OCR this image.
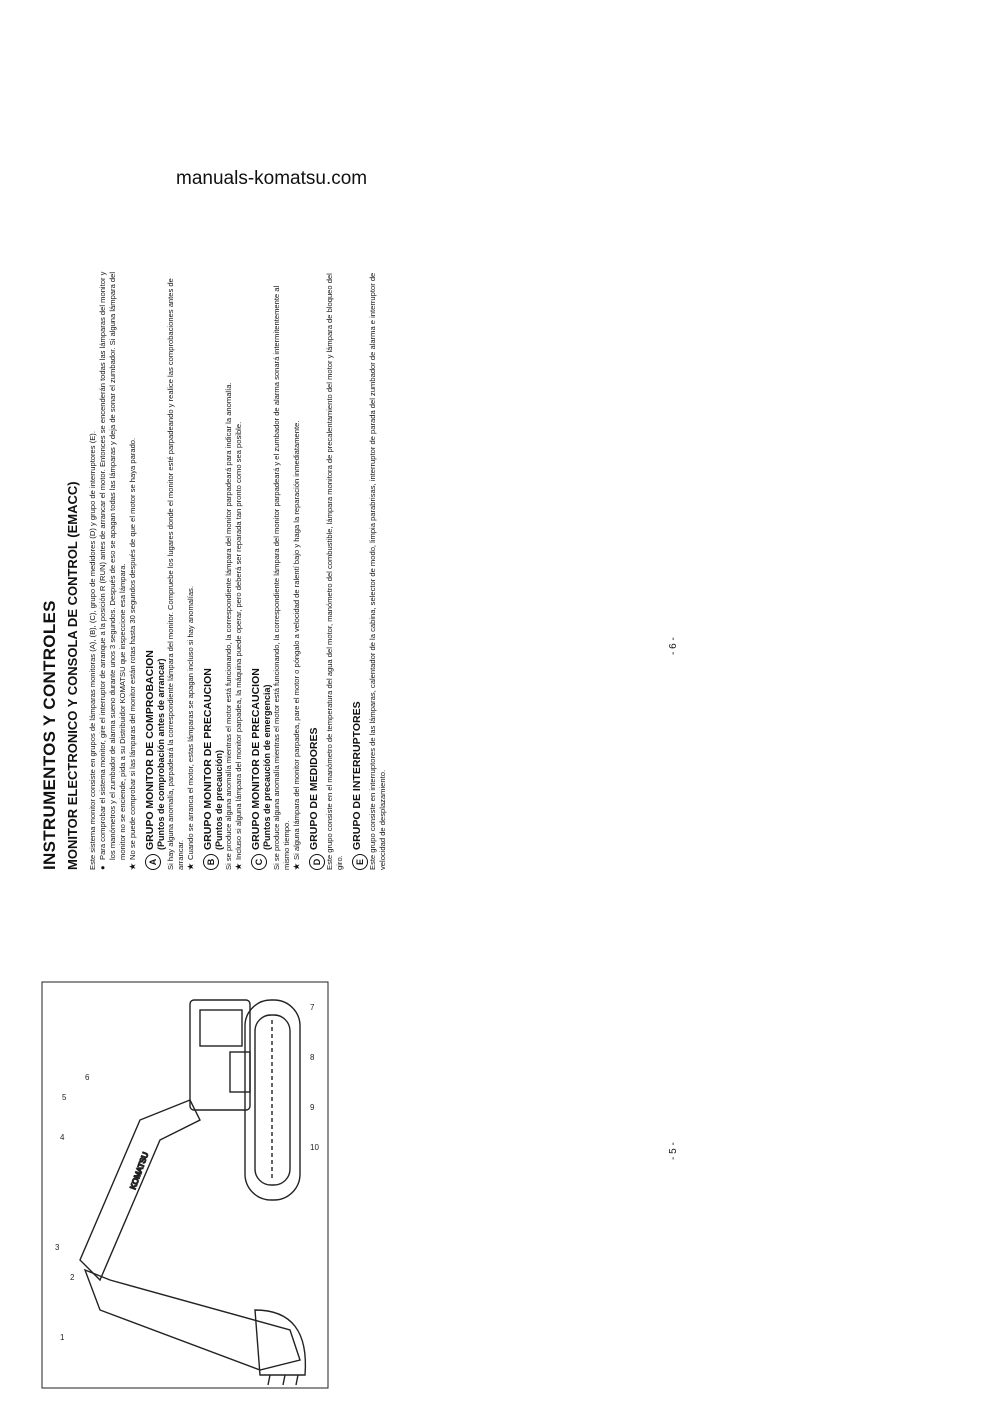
manuals-komatsu.com
INSTRUMENTOS Y CONTROLES MONITOR ELECTRONICO Y CONSOLA DE CONTROL (EMACC) Este sistema monitor consiste en grupos de lámparas monitoras (A), (B), (C), grupo de medidores (D) y grupo de interruptores (E). ●
Para comprobar el sistema monitor, gire el interruptor de arranque a la posición R (RUN) antes de arrancar el motor. Entonces se encenderán todas las lámparas del monitor y los manómetros y el zumbador de alarma sueno durante unos 3 segundos. Después de eso se apagan todas las lámparas y deja de sonar el zumbador. Si alguna lámpara del monitor no se enciende, pida a su Distribuidor KOMATSU que inspeccione esa lámpara.
★
No se puede comprobar si las lámparas del monitor están rotas hasta 30 segundos después de que el motor se haya parado.
A
GRUPO MONITOR DE COMPROBACION (Puntos de comprobación antes de arrancar) Si hay alguna anomalía, parpadeará la correspondiente lámpara del monitor. Compruebe los lugares donde el monitor esté parpadeando y realice las comprobaciones antes de arrancar. ★
Cuando se arranca el motor, estas lámparas se apagan incluso si hay anomalías.
B
GRUPO MONITOR DE PRECAUCION (Puntos de precaución) Si se produce alguna anomalía mientras el motor está funcionando, la correspondiente lámpara del monitor parpadeará para indicar la anomalía. ★
Incluso si alguna lámpara del monitor parpadea, la máquina puede operar, pero deberá ser reparada tan pronto como sea posible.
C
GRUPO MONITOR DE PRECAUCION (Puntos de precaución de emergencia) Si se produce alguna anomalía mientras el motor está funcionando, la correspondiente lámpara del monitor parpadeará y el zumbador de alarma sonará intermitentemente al mismo tiempo. ★
Si alguna lámpara del monitor parpadea, pare el motor o póngalo a velocidad de ralentí bajo y haga la reparación inmediatamente.
D
GRUPO DE MEDIDORES Este grupo consiste en el manómetro de temperatura del agua del motor, manómetro del combustible, lámpara monitora de precalentamiento del motor y lámpara de bloqueo del giro.	E
GRUPO DE INTERRUPTORES Este grupo consiste en interruptores de las lámparas, calentador de la cabina, selector de modo, limpia parabrisas, interruptor de parada del zumbador de alarma e interruptor de velocidad de desplazamiento.

- 6 -
- 5 -
KOMATSU
1
2
3
4
5
6
7
8
9
10
